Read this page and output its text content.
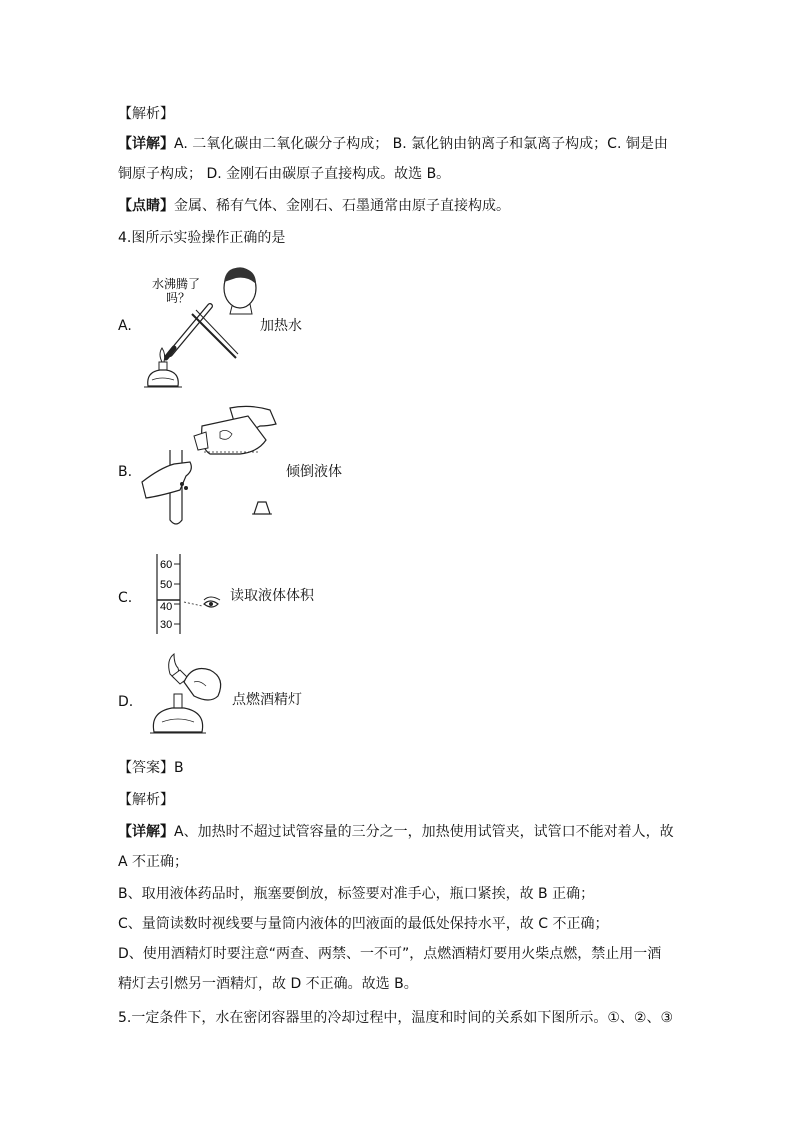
【解析】
【详解】A. 二氧化碳由二氧化碳分子构成； B. 氯化钠由钠离子和氯离子构成；C. 铜是由
铜原子构成； D. 金刚石由碳原子直接构成。故选 B。
【点睛】金属、稀有气体、金刚石、石墨通常由原子直接构成。
4.图所示实验操作正确的是
A.
水沸腾了
吗？
加热水
B.	倾倒液体
C.
60
50
40
30
读取液体体积
D.	点燃酒精灯
【答案】B
【解析】
【详解】A、加热时不超过试管容量的三分之一，加热使用试管夹，试管口不能对着人，故
A 不正确；
B、取用液体药品时，瓶塞要倒放，标签要对准手心，瓶口紧挨，故 B 正确；
C、量筒读数时视线要与量筒内液体的凹液面的最低处保持水平，故 C 不正确；
D、使用酒精灯时要注意“两查、两禁、一不可”，点燃酒精灯要用火柴点燃，禁止用一酒
精灯去引燃另一酒精灯，故 D 不正确。故选 B。
5.一定条件下，水在密闭容器里的冷却过程中，温度和时间的关系如下图所示。①、②、③
